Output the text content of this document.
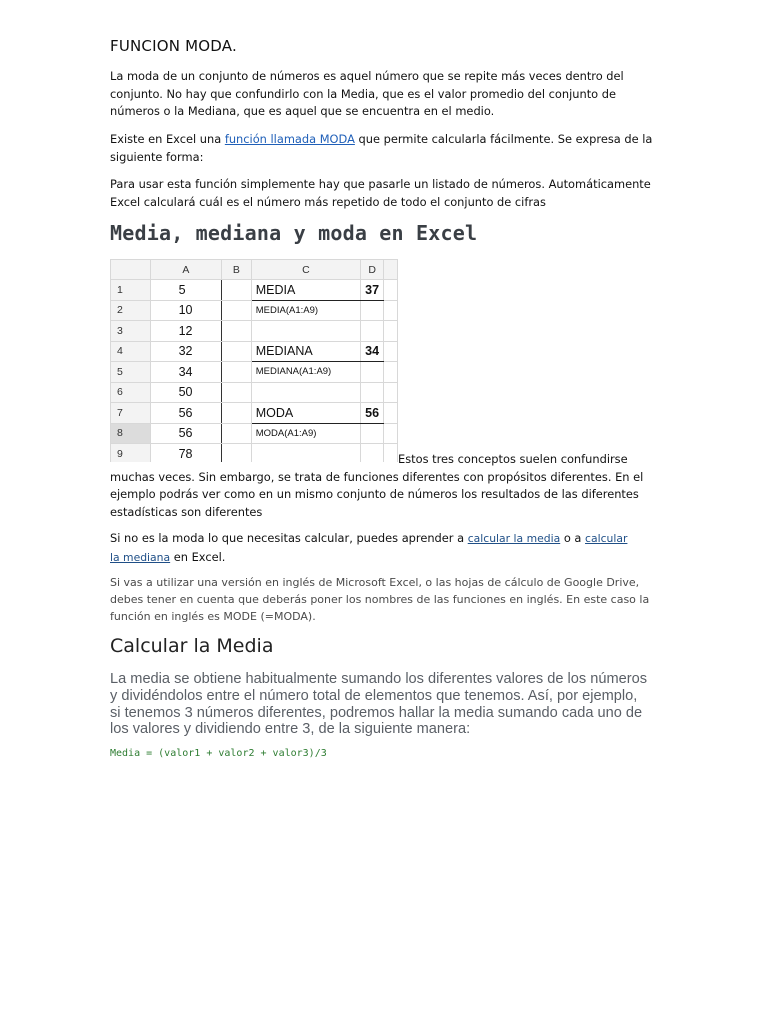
FUNCION MODA.

La moda de un conjunto de números es aquel número que se repite más veces dentro del conjunto. No hay que confundirlo con la Media, que es el valor promedio del conjunto de números o la Mediana, que es aquel que se encuentra en el medio.

Existe en Excel una función llamada MODA que permite calcularla fácilmente. Se expresa de la siguiente forma:

Para usar esta función simplemente hay que pasarle un listado de números. Automáticamente Excel calculará cuál es el número más repetido de todo el conjunto de cifras

Media, mediana y moda en Excel
	A	B	C	D	
1	5		MEDIA	37	
2	10		MEDIA(A1:A9)		
3	12				
4	32		MEDIANA	34	
5	34		MEDIANA(A1:A9)		
6	50				
7	56		MODA	56	
8	56		MODA(A1:A9)		
9	78				
						Estos tres conceptos suelen confundirse muchas veces. Sin embargo, se trata de funciones diferentes con propósitos diferentes. En el ejemplo podrás ver como en un mismo conjunto de números los resultados de las diferentes estadísticas son diferentes

Si no es la moda lo que necesitas calcular, puedes aprender a calcular la media o a calcular la mediana en Excel.

Si vas a utilizar una versión en inglés de Microsoft Excel, o las hojas de cálculo de Google Drive, debes tener en cuenta que deberás poner los nombres de las funciones en inglés. En este caso la función en inglés es MODE (=MODA).

Calcular la Media

La media se obtiene habitualmente sumando los diferentes valores de los números y dividéndolos entre el número total de elementos que tenemos. Así, por ejemplo, si tenemos 3 números diferentes, podremos hallar la media sumando cada uno de los valores y dividiendo entre 3, de la siguiente manera:

Media = (valor1 + valor2 + valor3)/3
